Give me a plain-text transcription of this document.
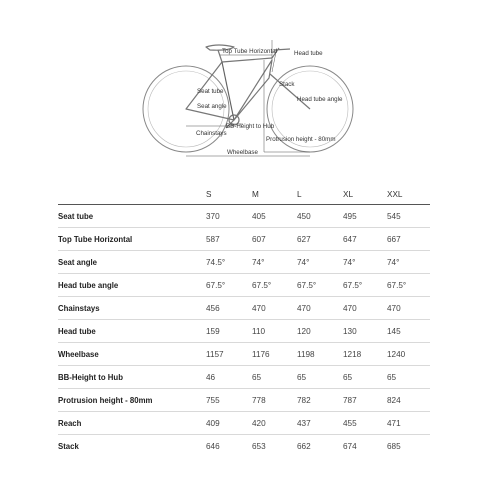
Top Tube Horizontal	Head tube
Stack
Seat tube
Head tube angle
Seat angle
BB-Height to Hub
Chainstays
Protrusion height - 80mm
Wheelbase
	S	M	L	XL	XXL
Seat tube	370	405	450	495	545
Top Tube Horizontal	587	607	627	647	667
Seat angle	74.5°	74°	74°	74°	74°
Head tube angle	67.5°	67.5°	67.5°	67.5°	67.5°
Chainstays	456	470	470	470	470
Head tube	159	110	120	130	145
Wheelbase	1157	1176	1198	1218	1240
BB-Height to Hub	46	65	65	65	65
Protrusion height - 80mm	755	778	782	787	824
Reach	409	420	437	455	471
Stack	646	653	662	674	685
